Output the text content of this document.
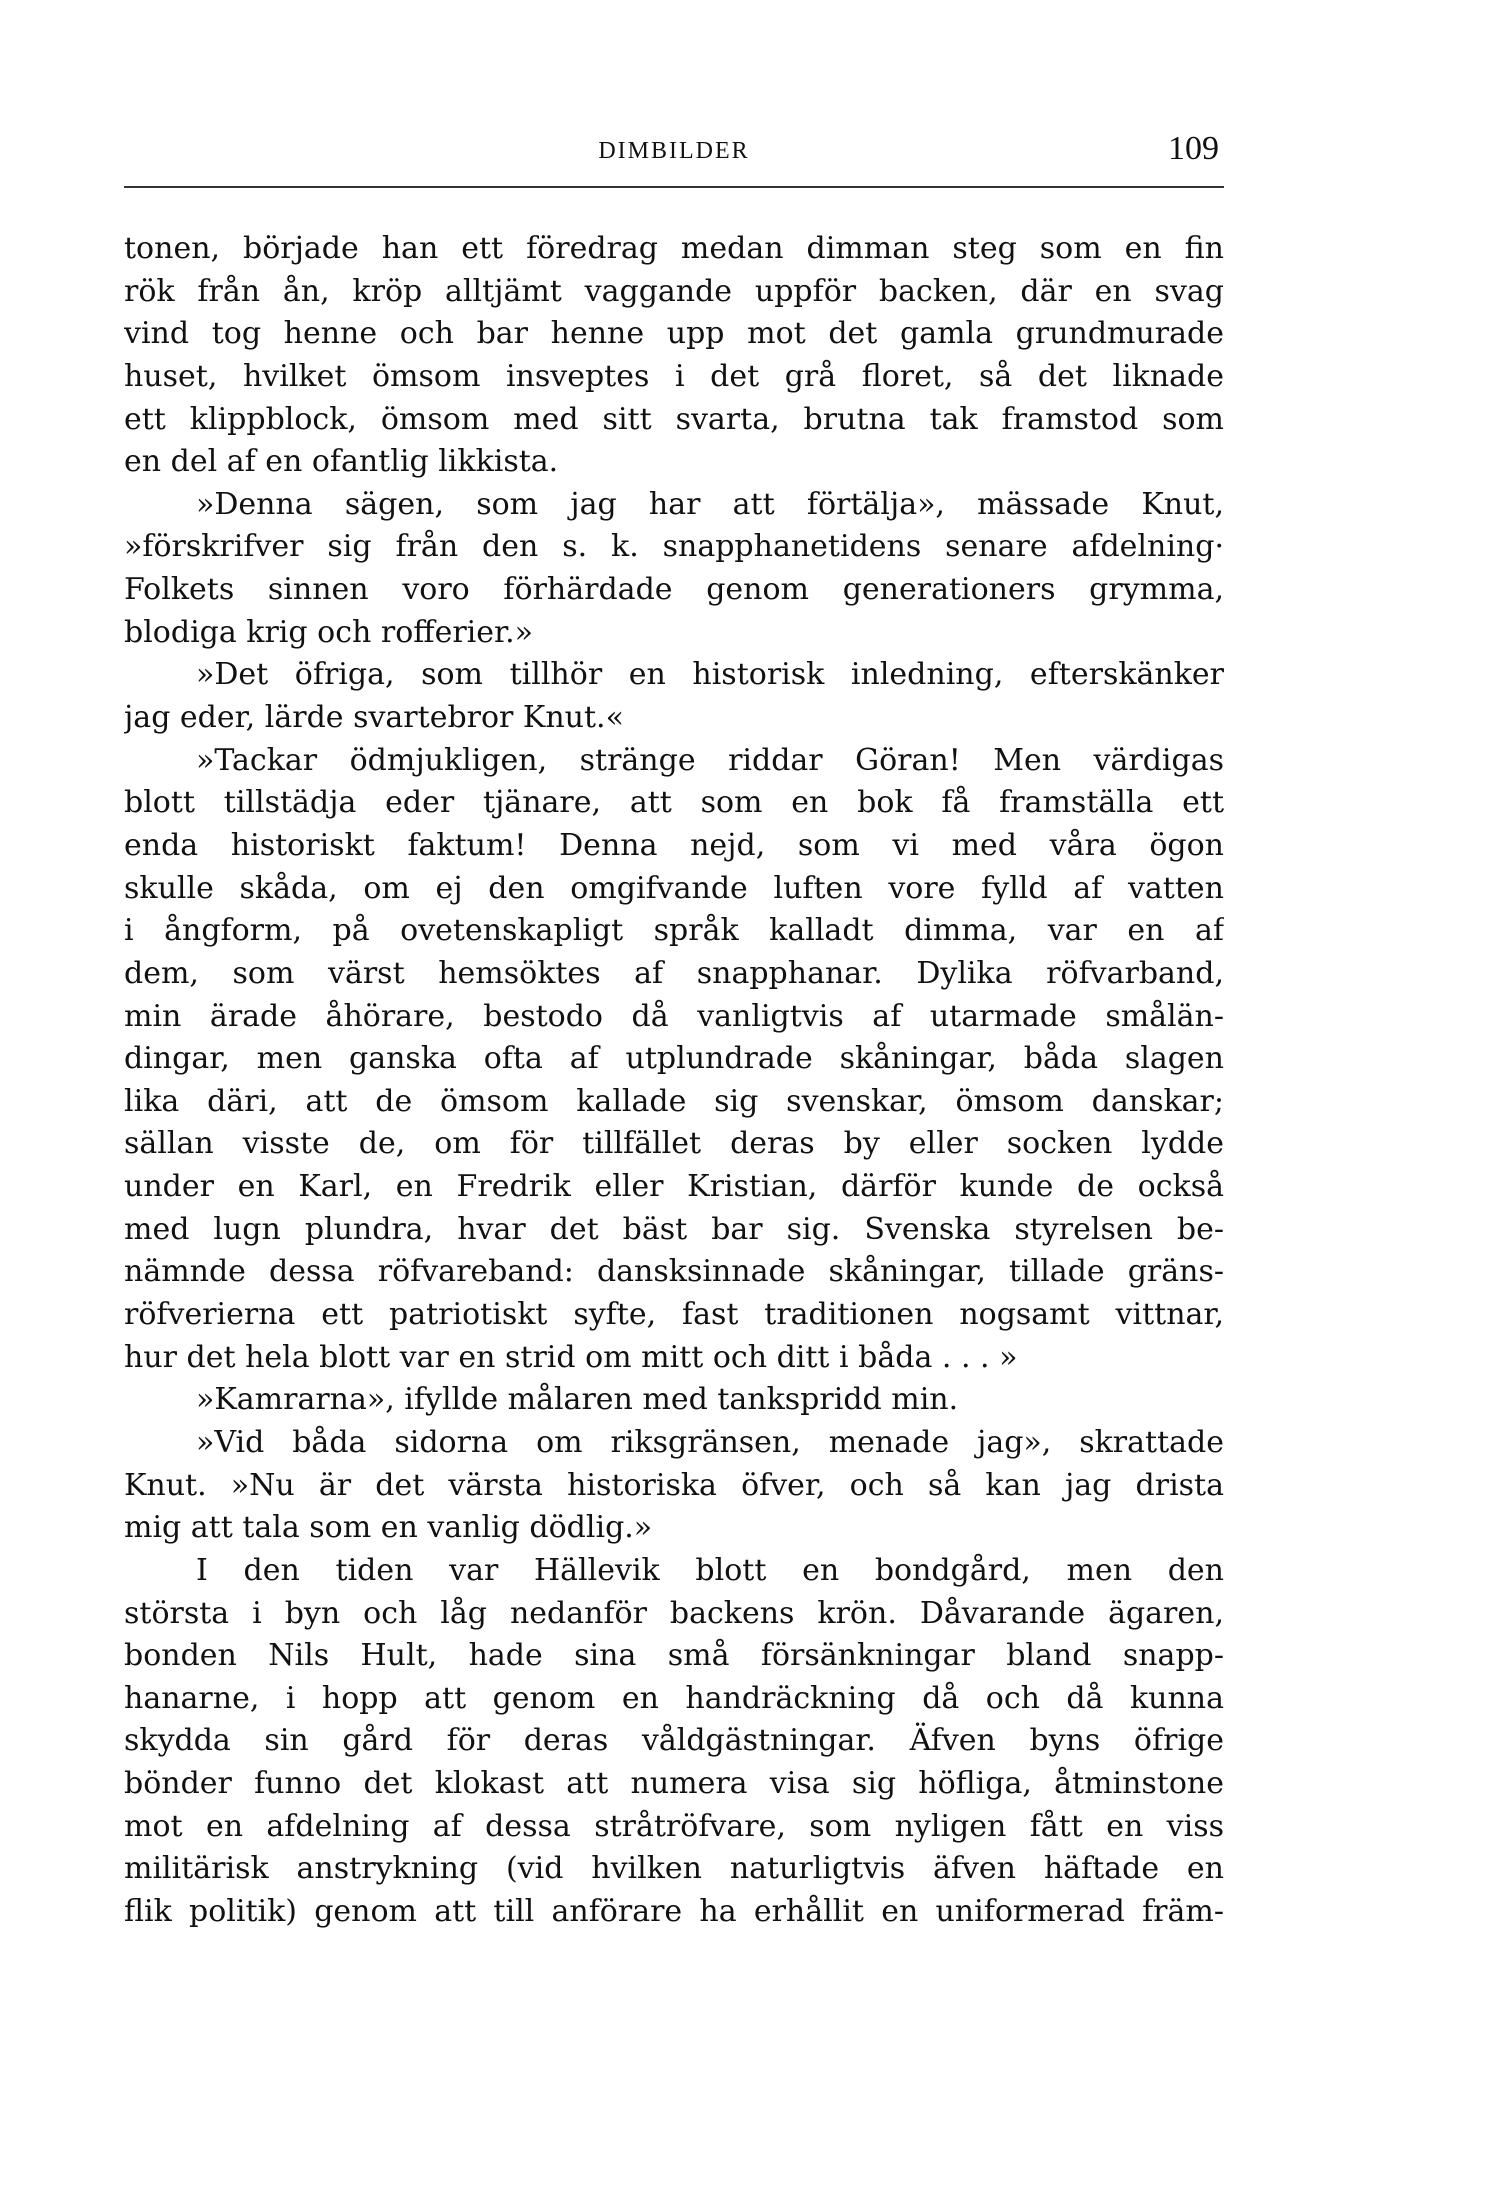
DIMBILDER	109
tonen, började han ett föredrag medan dimman steg som en fin
rök från ån, kröp alltjämt vaggande uppför backen, där en svag
vind tog henne och bar henne upp mot det gamla grundmurade
huset, hvilket ömsom insveptes i det grå floret, så det liknade
ett klippblock, ömsom med sitt svarta, brutna tak framstod som
en del af en ofantlig likkista.
»Denna sägen, som jag har att förtälja», mässade Knut,
»förskrifver sig från den s. k. snapphanetidens senare afdelning·
Folkets sinnen voro förhärdade genom generationers grymma,
blodiga krig och rofferier.»
»Det öfriga, som tillhör en historisk inledning, efterskänker
jag eder, lärde svartebror Knut.«
»Tackar ödmjukligen, stränge riddar Göran! Men värdigas
blott tillstädja eder tjänare, att som en bok få framställa ett
enda historiskt faktum! Denna nejd, som vi med våra ögon
skulle skåda, om ej den omgifvande luften vore fylld af vatten
i ångform, på ovetenskapligt språk kalladt dimma, var en af
dem, som värst hemsöktes af snapphanar. Dylika röfvarband,
min ärade åhörare, bestodo då vanligtvis af utarmade smålän-
dingar, men ganska ofta af utplundrade skåningar, båda slagen
lika däri, att de ömsom kallade sig svenskar, ömsom danskar;
sällan visste de, om för tillfället deras by eller socken lydde
under en Karl, en Fredrik eller Kristian, därför kunde de också
med lugn plundra, hvar det bäst bar sig. Svenska styrelsen be-
nämnde dessa röfvareband: dansksinnade skåningar, tillade gräns-
röfverierna ett patriotiskt syfte, fast traditionen nogsamt vittnar,
hur det hela blott var en strid om mitt och ditt i båda . . . »
»Kamrarna», ifyllde målaren med tankspridd min.
»Vid båda sidorna om riksgränsen, menade jag», skrattade
Knut. »Nu är det värsta historiska öfver, och så kan jag drista
mig att tala som en vanlig dödlig.»
I den tiden var Hällevik blott en bondgård, men den
största i byn och låg nedanför backens krön. Dåvarande ägaren,
bonden Nils Hult, hade sina små försänkningar bland snapp-
hanarne, i hopp att genom en handräckning då och då kunna
skydda sin gård för deras våldgästningar. Äfven byns öfrige
bönder funno det klokast att numera visa sig höfliga, åtminstone
mot en afdelning af dessa stråtröfvare, som nyligen fått en viss
militärisk anstrykning (vid hvilken naturligtvis äfven häftade en
flik politik) genom att till anförare ha erhållit en uniformerad främ-
